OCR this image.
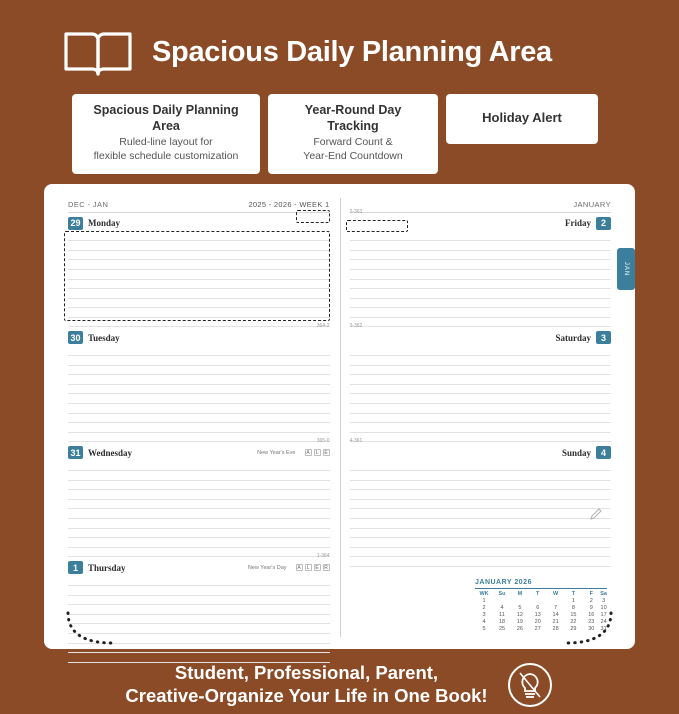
Spacious Daily Planning Area
Spacious Daily Planning Area
Ruled-line layout for
flexible schedule customization
Year-Round Day Tracking
Forward Count &
Year-End Countdown
Holiday Alert
DEC - JAN	2025 - 2026 - WEEK 1
29 Monday
364-2
30 Tuesday
365-0
31 Wednesday	New Year's Eve	A	L	E
1-364
1	Thursday	New Year's Day	A	L	E	R
JANUARY
2-363
Friday	2
3-362
Saturday	3
4-361
Sunday	4
JANUARY 2026
WK	Su	M	T	W	T	F	Sa
1					1	2	3
2	4	5	6	7	8	9	10
3	11	12	13	14	15	16	17
4	18	19	20	21	22	23	24
5	25	26	27	28	29	30	31
JAN
Student, Professional, Parent,
Creative-Organize Your Life in One Book!
